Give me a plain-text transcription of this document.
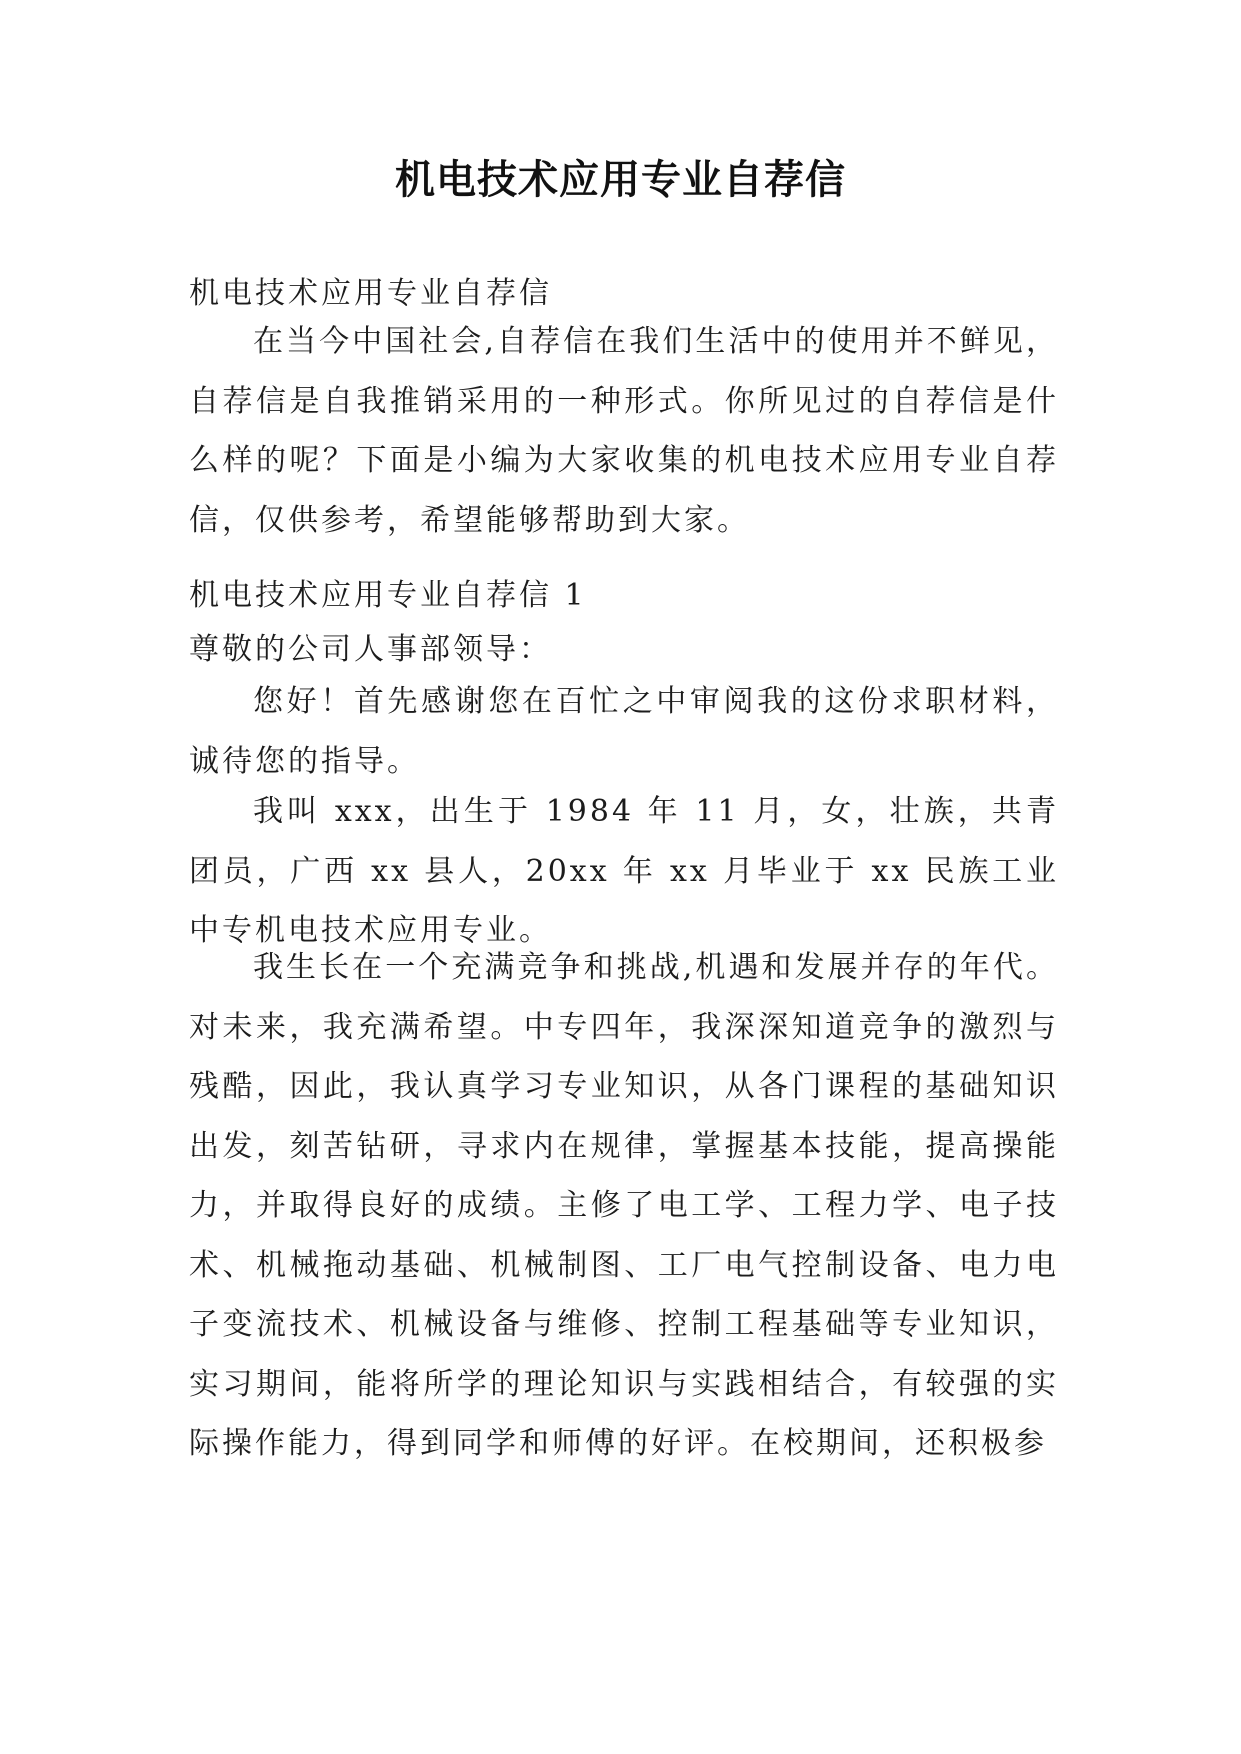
机电技术应用专业自荐信

机电技术应用专业自荐信

在当今中国社会,自荐信在我们生活中的使用并不鲜见，自荐信是自我推销采用的一种形式。你所见过的自荐信是什么样的呢？下面是小编为大家收集的机电技术应用专业自荐信，仅供参考，希望能够帮助到大家。

机电技术应用专业自荐信 1

尊敬的公司人事部领导：

您好！首先感谢您在百忙之中审阅我的这份求职材料，诚待您的指导。

我叫 xxx，出生于 1984 年 11 月，女，壮族，共青团员，广西 xx 县人，20xx 年 xx 月毕业于 xx 民族工业中专机电技术应用专业。

我生长在一个充满竞争和挑战,机遇和发展并存的年代。对未来，我充满希望。中专四年，我深深知道竞争的激烈与残酷，因此，我认真学习专业知识，从各门课程的基础知识出发，刻苦钻研，寻求内在规律，掌握基本技能，提高操能力，并取得良好的成绩。主修了电工学、工程力学、电子技术、机械拖动基础、机械制图、工厂电气控制设备、电力电子变流技术、机械设备与维修、控制工程基础等专业知识，实习期间，能将所学的理论知识与实践相结合，有较强的实际操作能力，得到同学和师傅的好评。在校期间，还积极参
